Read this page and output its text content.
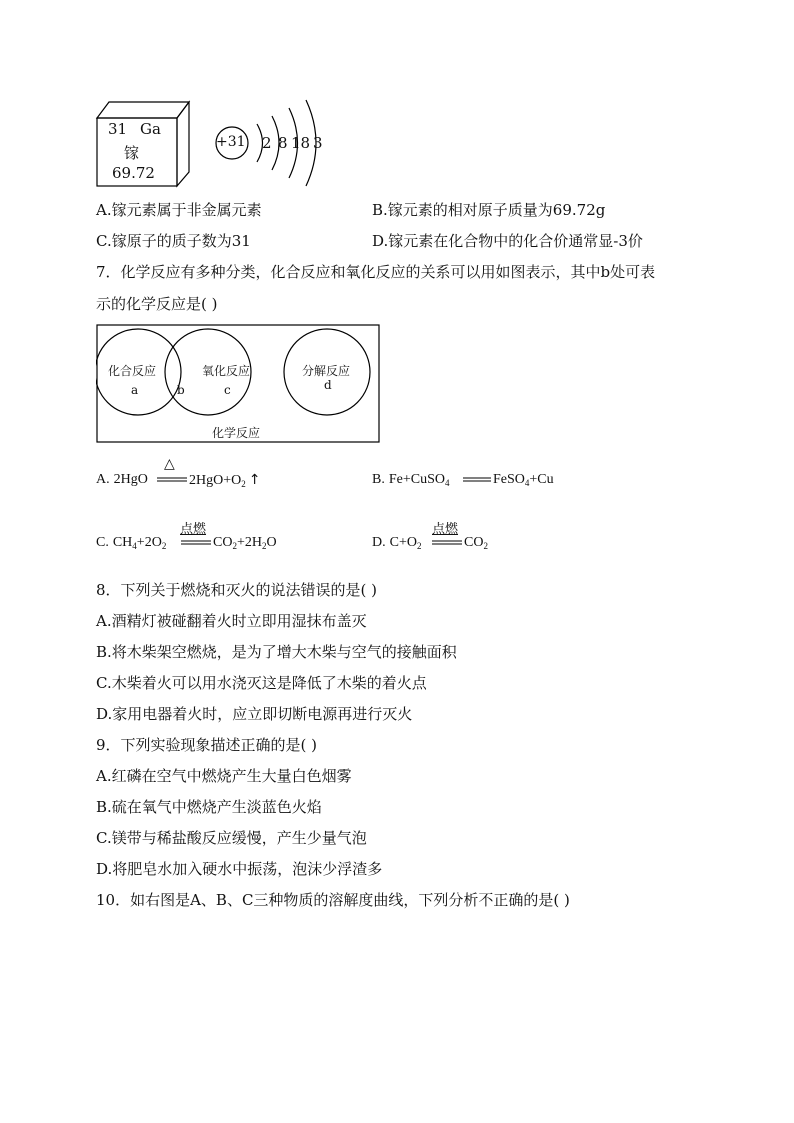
31 Ga
镓
69.72
+31 2 8 18 3
A.镓元素属于非金属元素	B.镓元素的相对原子质量为69.72g
C.镓原子的质子数为31	D.镓元素在化合物中的化合价通常显-3价
7．化学反应有多种分类，化合反应和氧化反应的关系可以用如图表示，其中b处可表
示的化学反应是( )
化合反应
a	b
氧化反应
c
分解反应
d
化学反应
A. 2HgO
△
$2HgO+O_2$ ↑	B. Fe+CuSO$_4$	FeSO$_4$+Cu
C. $CH_4+2O_2$
点燃
$CO_2+2H_2O$	D. $C+O_2$
点燃
$CO_2$
8．下列关于燃烧和灭火的说法错误的是( )
A.酒精灯被碰翻着火时立即用湿抹布盖灭
B.将木柴架空燃烧，是为了增大木柴与空气的接触面积
C.木柴着火可以用水浇灭这是降低了木柴的着火点
D.家用电器着火时，应立即切断电源再进行灭火
9．下列实验现象描述正确的是( )
A.红磷在空气中燃烧产生大量白色烟雾
B.硫在氧气中燃烧产生淡蓝色火焰
C.镁带与稀盐酸反应缓慢，产生少量气泡
D.将肥皂水加入硬水中振荡，泡沫少浮渣多
10．如右图是A、B、C三种物质的溶解度曲线，下列分析不正确的是( )
